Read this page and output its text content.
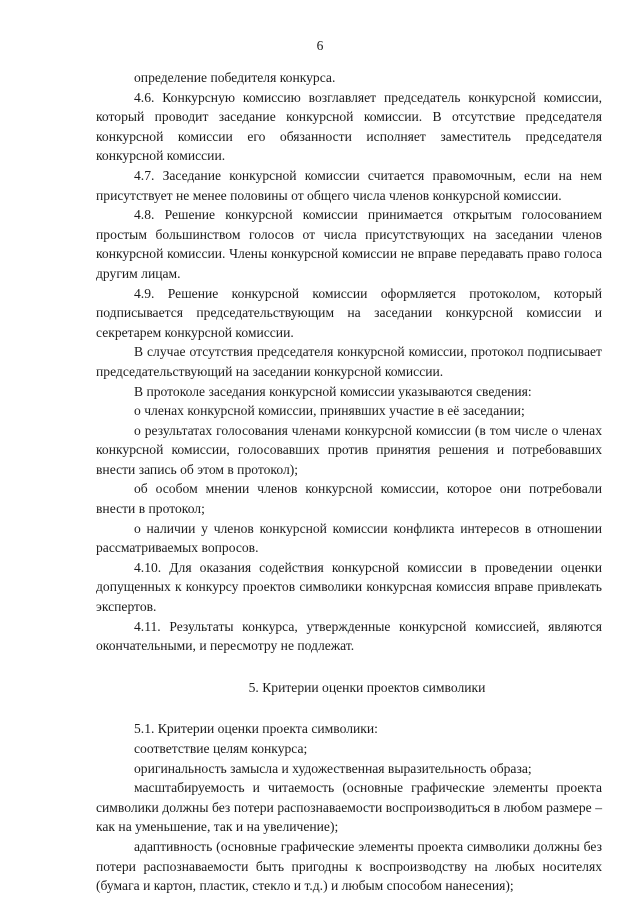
6

определение победителя конкурса.

4.6. Конкурсную комиссию возглавляет председатель конкурсной комиссии, который проводит заседание конкурсной комиссии. В отсутствие председателя конкурсной комиссии его обязанности исполняет заместитель председателя конкурсной комиссии.

4.7. Заседание конкурсной комиссии считается правомочным, если на нем присутствует не менее половины от общего числа членов конкурсной комиссии.

4.8. Решение конкурсной комиссии принимается открытым голосованием простым большинством голосов от числа присутствующих на заседании членов конкурсной комиссии. Члены конкурсной комиссии не вправе передавать право голоса другим лицам.

4.9. Решение конкурсной комиссии оформляется протоколом, который подписывается председательствующим на заседании конкурсной комиссии и секретарем конкурсной комиссии.

В случае отсутствия председателя конкурсной комиссии, протокол подписывает председательствующий на заседании конкурсной комиссии.

В протоколе заседания конкурсной комиссии указываются сведения:

о членах конкурсной комиссии, принявших участие в её заседании;

о результатах голосования членами конкурсной комиссии (в том числе о членах конкурсной комиссии, голосовавших против принятия решения и потребовавших внести запись об этом в протокол);

об особом мнении членов конкурсной комиссии, которое они потребовали внести в протокол;

о наличии у членов конкурсной комиссии конфликта интересов в отношении рассматриваемых вопросов.

4.10. Для оказания содействия конкурсной комиссии в проведении оценки допущенных к конкурсу проектов символики конкурсная комиссия вправе привлекать экспертов.

4.11. Результаты конкурса, утвержденные конкурсной комиссией, являются окончательными, и пересмотру не подлежат.

5. Критерии оценки проектов символики

5.1. Критерии оценки проекта символики:

соответствие целям конкурса;

оригинальность замысла и художественная выразительность образа;

масштабируемость и читаемость (основные графические элементы проекта символики должны без потери распознаваемости воспроизводиться в любом размере – как на уменьшение, так и на увеличение);

адаптивность (основные графические элементы проекта символики должны без потери распознаваемости быть пригодны к воспроизводству на любых носителях (бумага и картон, пластик, стекло и т.д.) и любым способом нанесения);
